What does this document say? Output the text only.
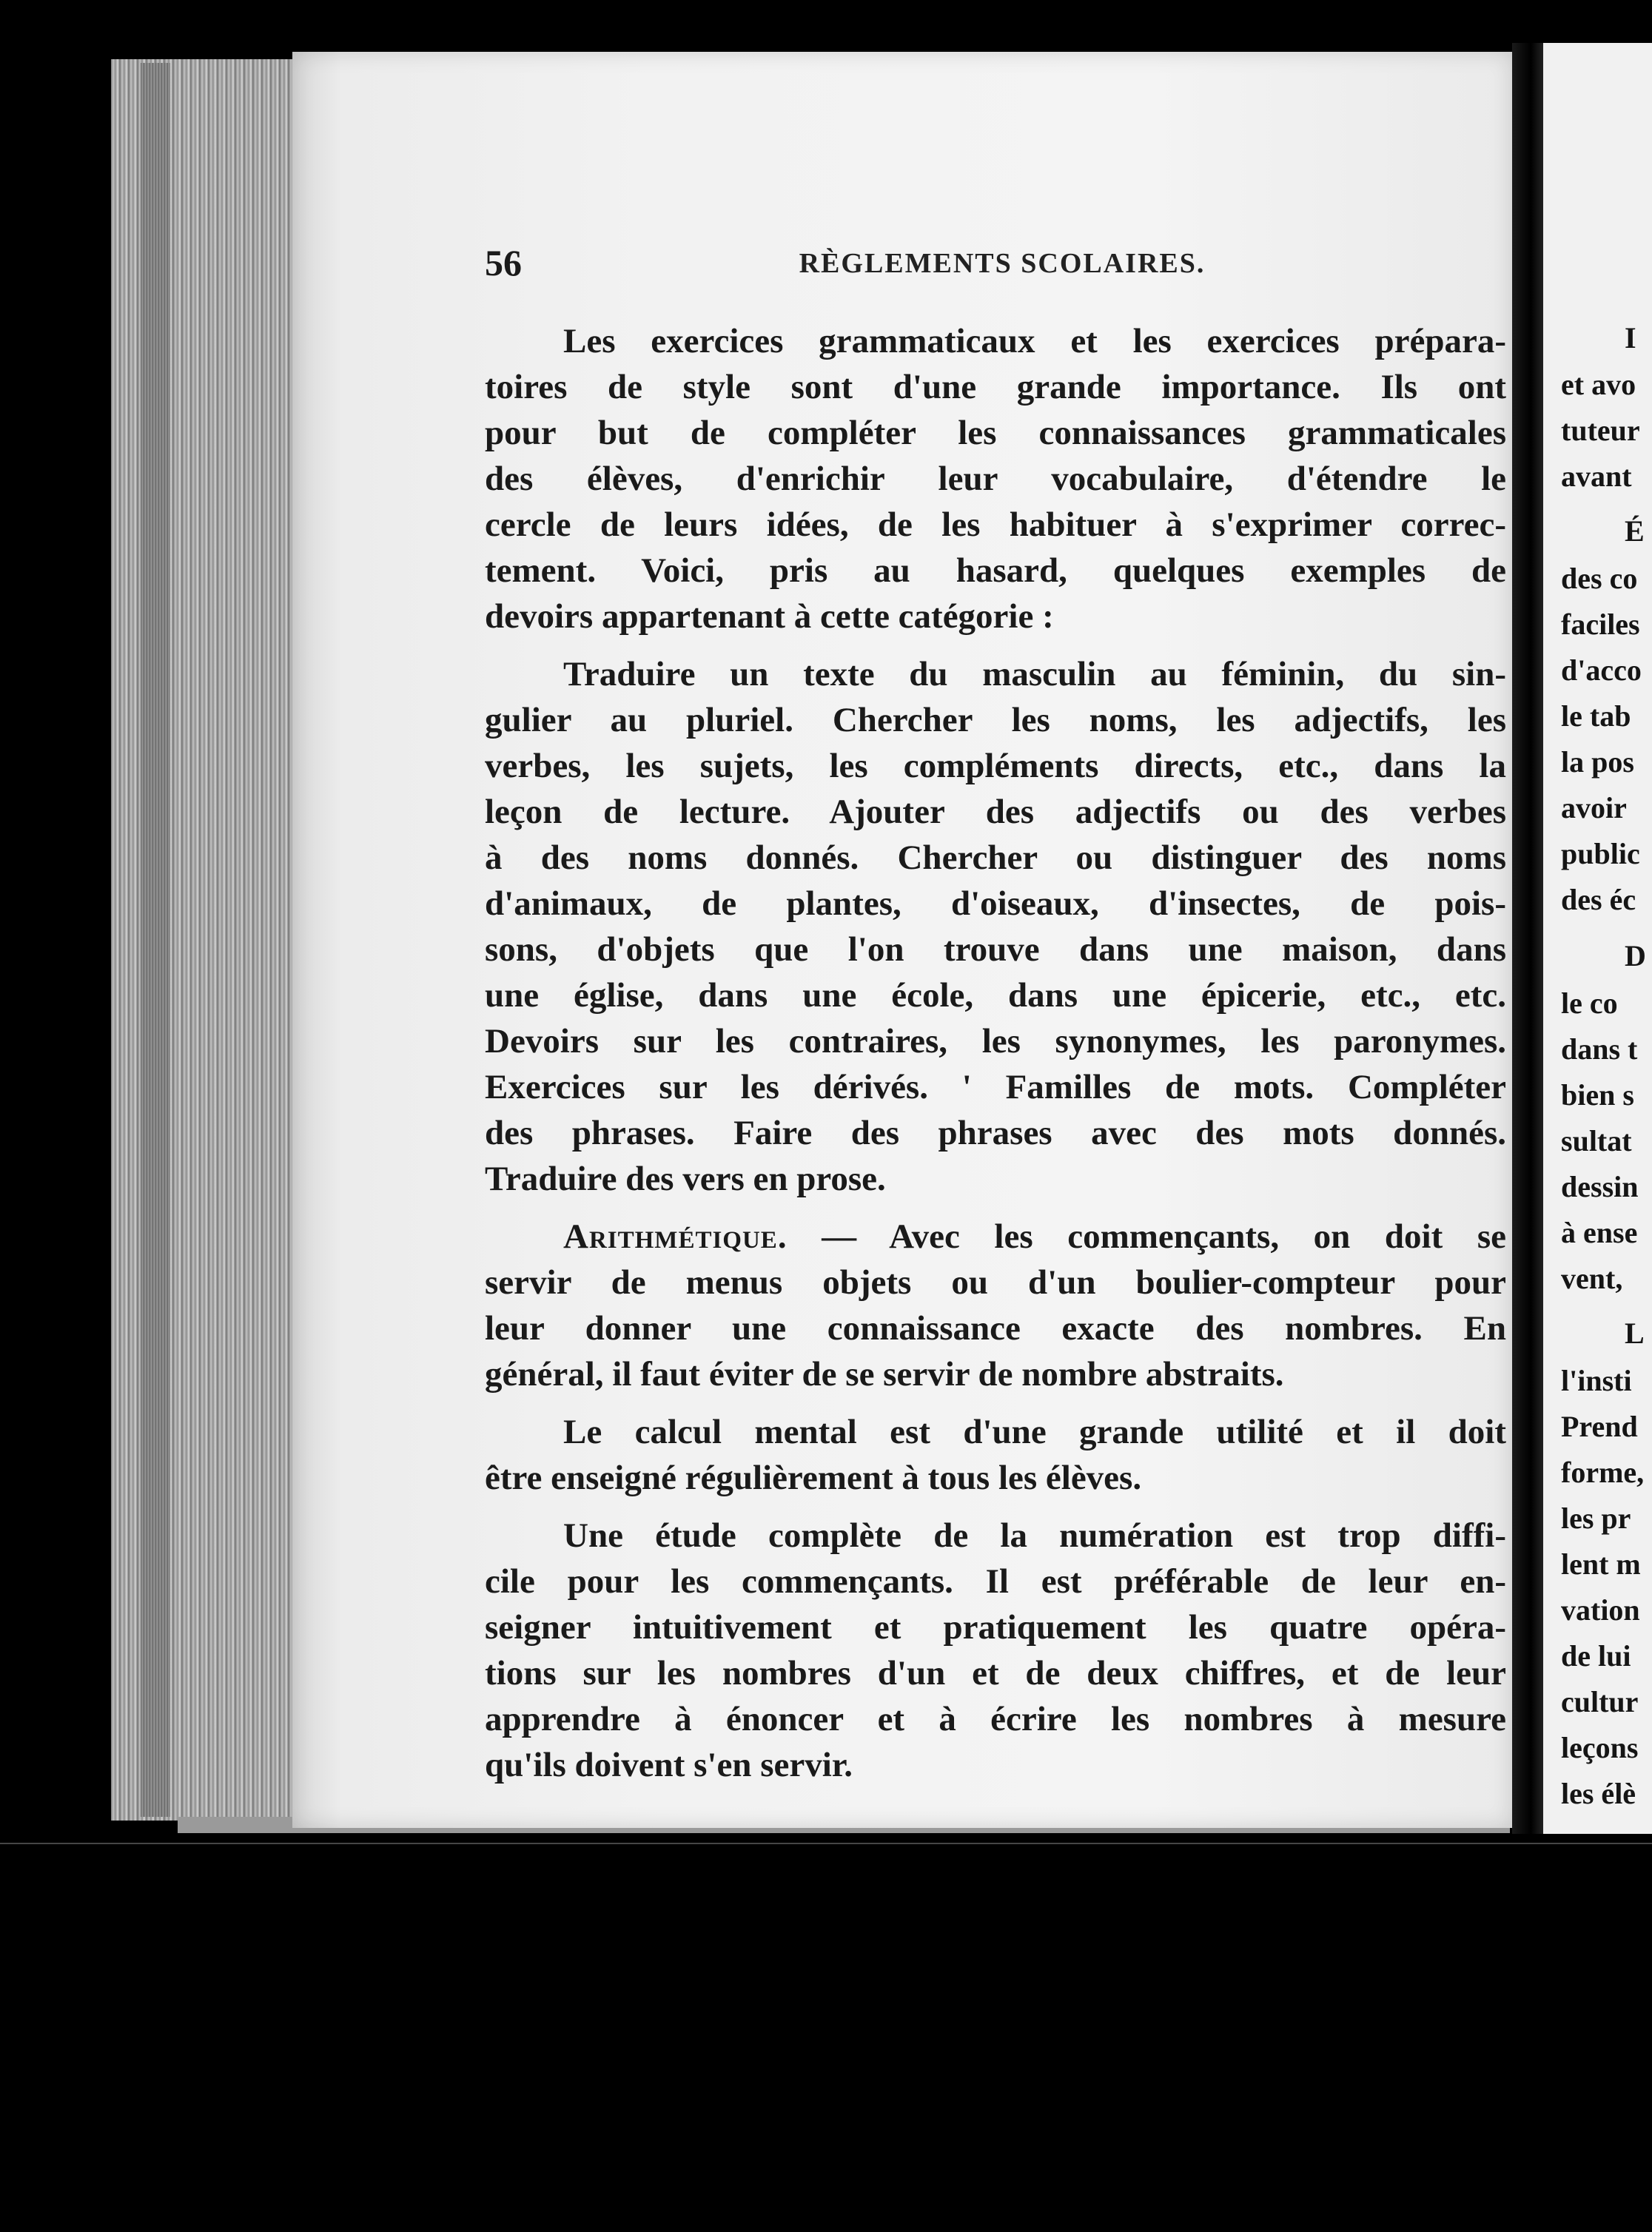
56	RÈGLEMENTS SCOLAIRES.
Les exercices grammaticaux et les exercices prépara-
toires de style sont d'une grande importance. Ils ont
pour but de compléter les connaissances grammaticales
des élèves, d'enrichir leur vocabulaire, d'étendre le
cercle de leurs idées, de les habituer à s'exprimer correc-
tement. Voici, pris au hasard, quelques exemples de
devoirs appartenant à cette catégorie :
Traduire un texte du masculin au féminin, du sin-
gulier au pluriel. Chercher les noms, les adjectifs, les
verbes, les sujets, les compléments directs, etc., dans la
leçon de lecture. Ajouter des adjectifs ou des verbes
à des noms donnés. Chercher ou distinguer des noms
d'animaux, de plantes, d'oiseaux, d'insectes, de pois-
sons, d'objets que l'on trouve dans une maison, dans
une église, dans une école, dans une épicerie, etc., etc.
Devoirs sur les contraires, les synonymes, les paronymes.
Exercices sur les dérivés. ' Familles de mots. Compléter
des phrases. Faire des phrases avec des mots donnés.
Traduire des vers en prose.
Arithmétique. — Avec les commençants, on doit se
servir de menus objets ou d'un boulier-compteur pour
leur donner une connaissance exacte des nombres. En
général, il faut éviter de se servir de nombre abstraits.
Le calcul mental est d'une grande utilité et il doit
être enseigné régulièrement à tous les élèves.
Une étude complète de la numération est trop diffi-
cile pour les commençants. Il est préférable de leur en-
seigner intuitivement et pratiquement les quatre opéra-
tions sur les nombres d'un et de deux chiffres, et de leur
apprendre à énoncer et à écrire les nombres à mesure
qu'ils doivent s'en servir.
I
et avo
tuteur
avant
É
des co
faciles
d'acco
le tab
la pos
avoir
public
des éc
D
le co
dans t
bien s
sultat
dessin
à ense
vent,
L
l'insti
Prend
forme,
les pr
lent m
vation
de lui
cultur
leçons
les élè
